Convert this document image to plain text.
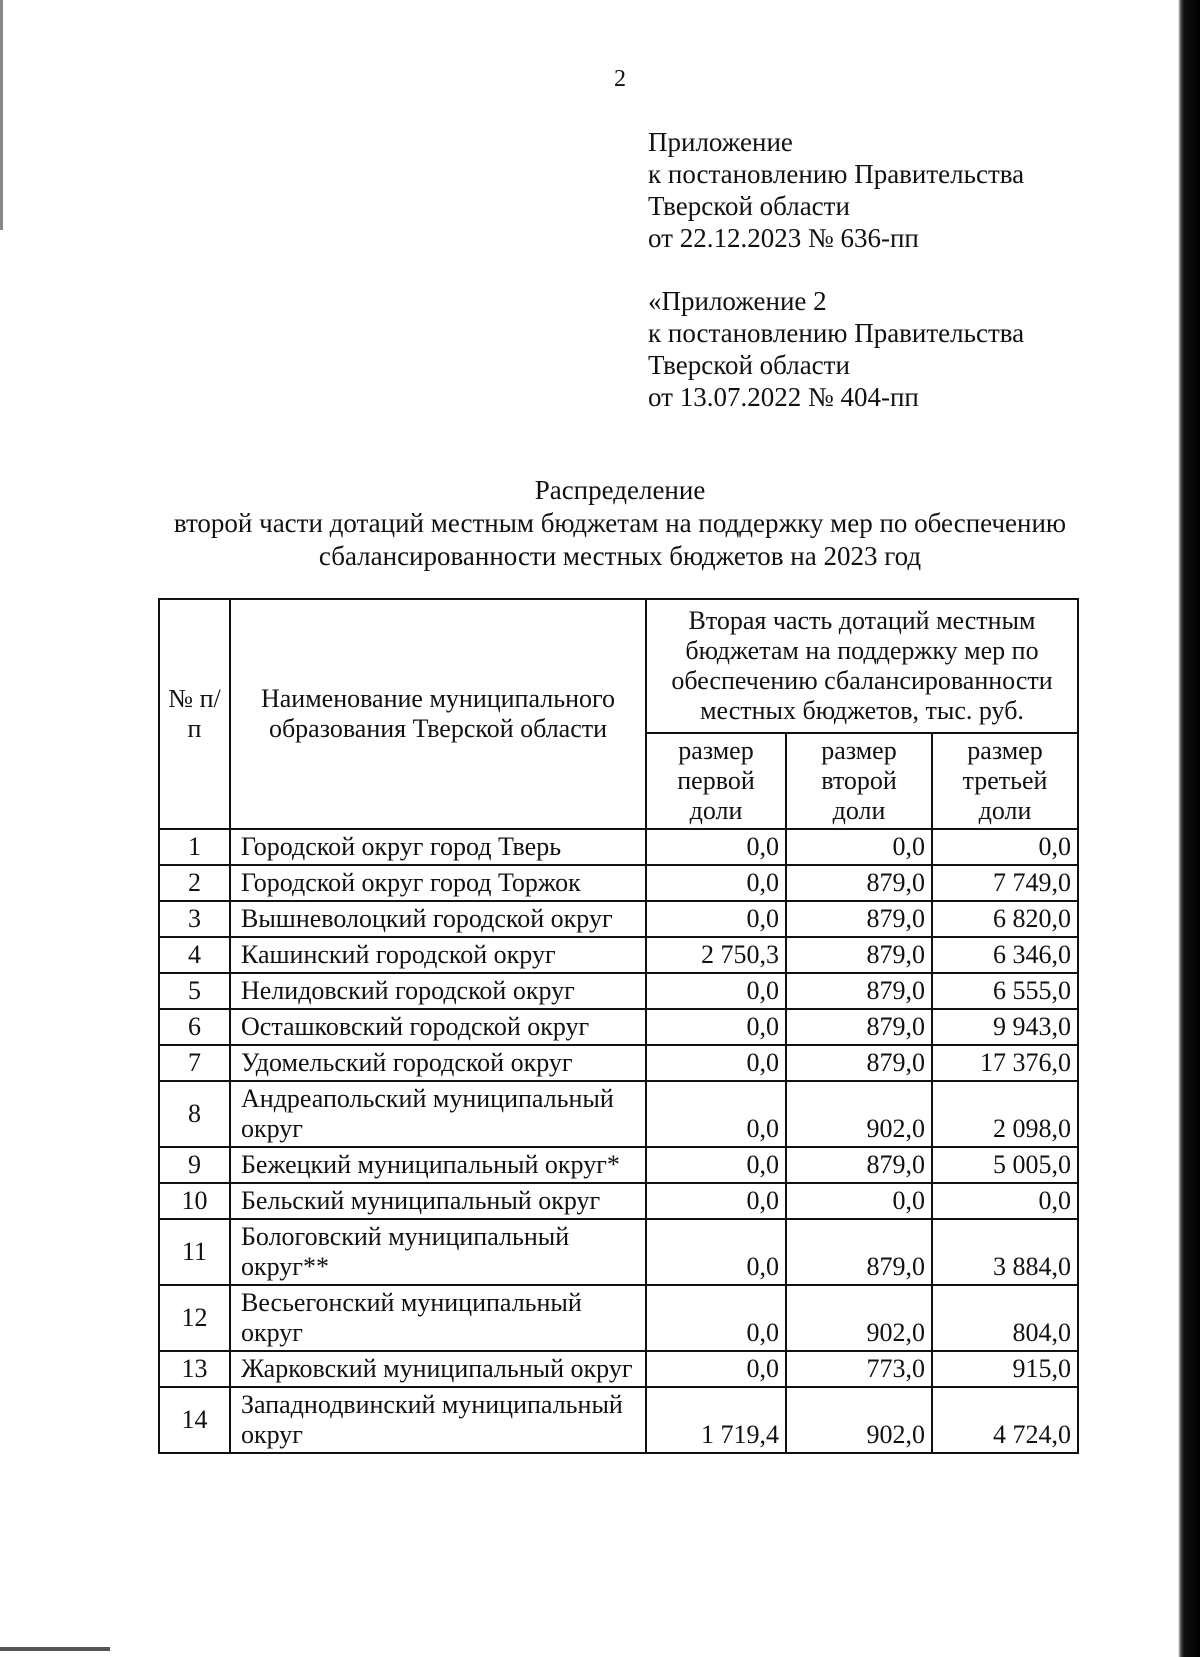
2
Приложение
к постановлению Правительства
Тверской области
от 22.12.2023 № 636-пп
«Приложение 2
к постановлению Правительства
Тверской области
от 13.07.2022 № 404-пп
Распределение
второй части дотаций местным бюджетам на поддержку мер по обеспечению
сбалансированности местных бюджетов на 2023 год
№ п/п	Наименование муниципального образования Тверской области	Вторая часть дотаций местным бюджетам на поддержку мер по обеспечению сбалансированности местных бюджетов, тыс. руб.		
		размер первой доли	размер второй доли	размер третьей доли
1	Городской округ город Тверь	0,0	0,0	0,0
2	Городской округ город Торжок	0,0	879,0	7 749,0
3	Вышневолоцкий городской округ	0,0	879,0	6 820,0
4	Кашинский городской округ	2 750,3	879,0	6 346,0
5	Нелидовский городской округ	0,0	879,0	6 555,0
6	Осташковский городской округ	0,0	879,0	9 943,0
7	Удомельский городской округ	0,0	879,0	17 376,0
8	Андреапольский муниципальный округ	0,0	902,0	2 098,0
9	Бежецкий муниципальный округ*	0,0	879,0	5 005,0
10	Бельский муниципальный округ	0,0	0,0	0,0
11	Бологовский муниципальный округ**	0,0	879,0	3 884,0
12	Весьегонский муниципальный округ	0,0	902,0	804,0
13	Жарковский муниципальный округ	0,0	773,0	915,0
14	Западнодвинский муниципальный округ	1 719,4	902,0	4 724,0
